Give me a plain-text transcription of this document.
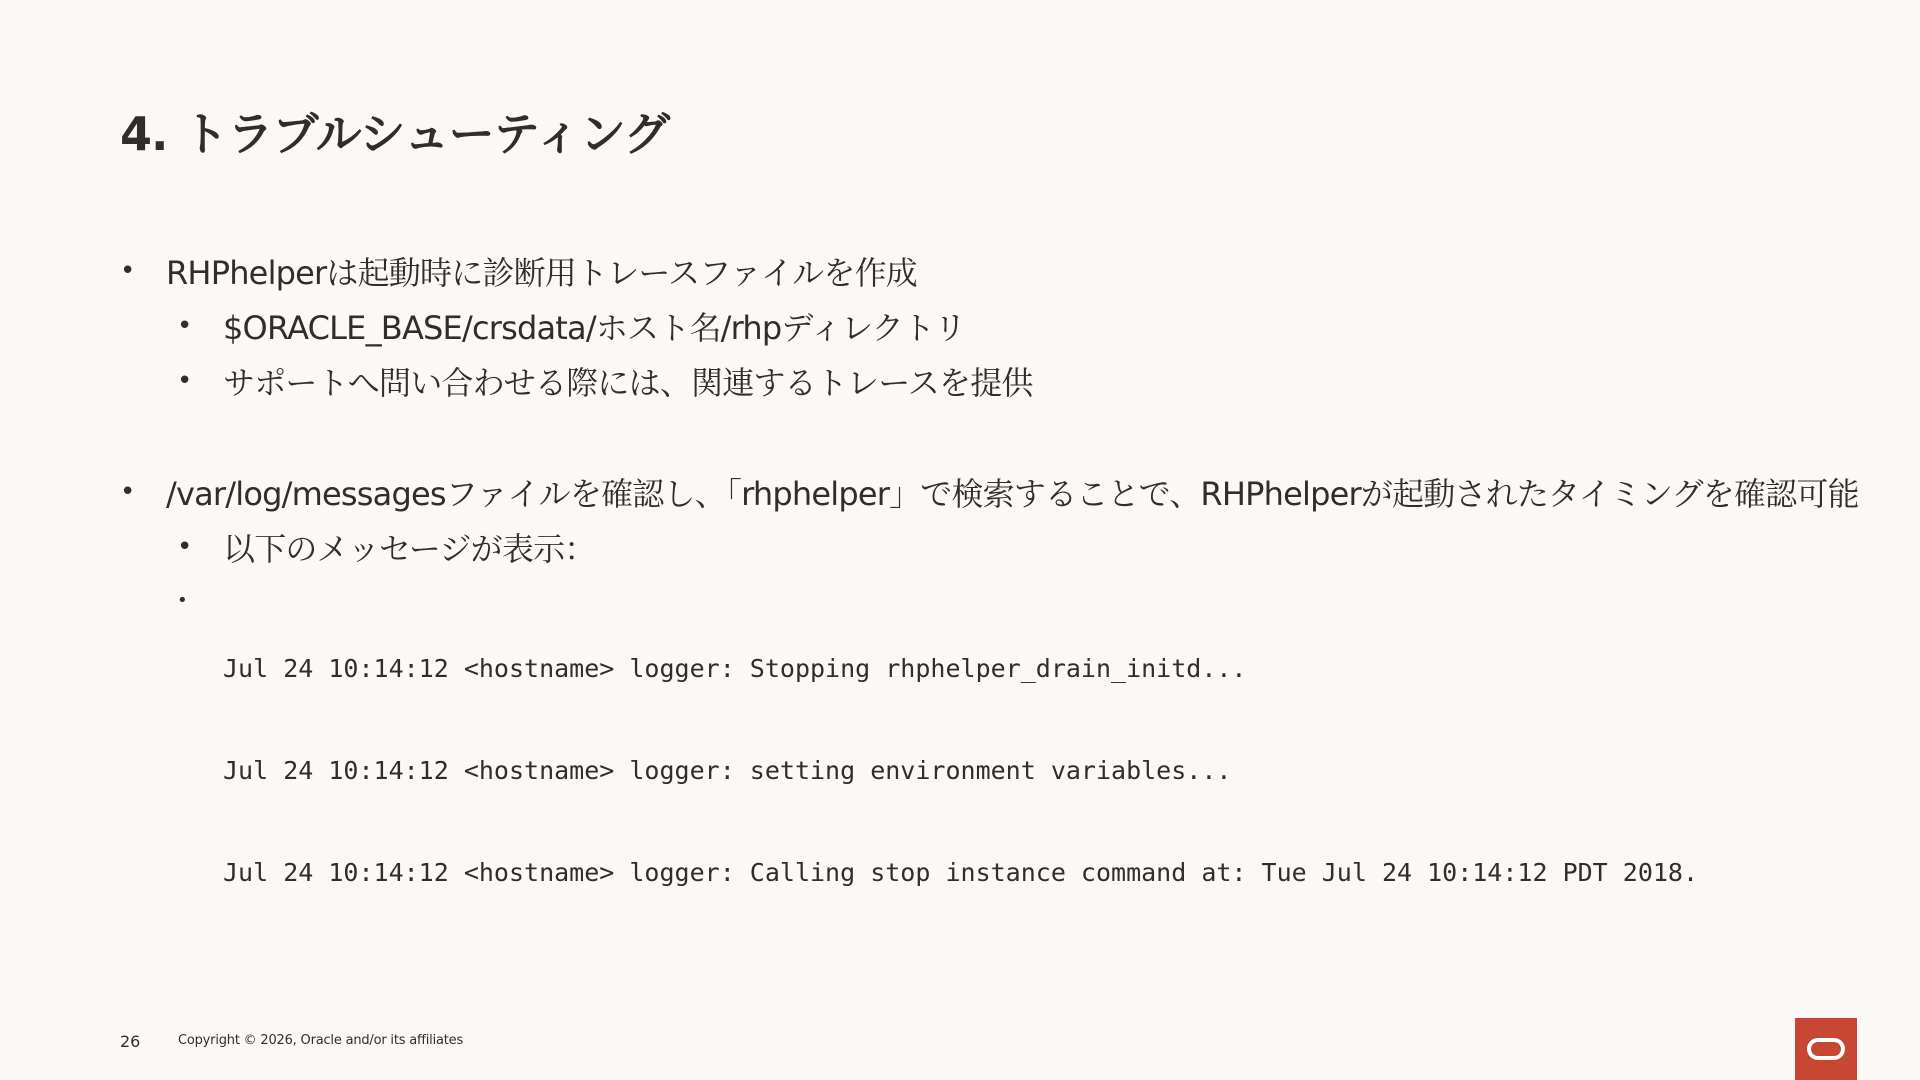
4. トラブルシューティング
• RHPhelperは起動時に診断用トレースファイルを作成
• $ORACLE_BASE/crsdata/ホスト名/rhpディレクトリ
• サポートへ問い合わせる際には、関連するトレースを提供
• /var/log/messagesファイルを確認し、「rhphelper」で検索することで、RHPhelperが起動されたタイミングを確認可能
• 以下のメッセージが表示：
•

Jul 24 10:14:12 <hostname> logger: Stopping rhphelper_drain_initd...

Jul 24 10:14:12 <hostname> logger: setting environment variables...

Jul 24 10:14:12 <hostname> logger: Calling stop instance command at: Tue Jul 24 10:14:12 PDT 2018.

26	Copyright © 2026, Oracle and/or its affiliates
